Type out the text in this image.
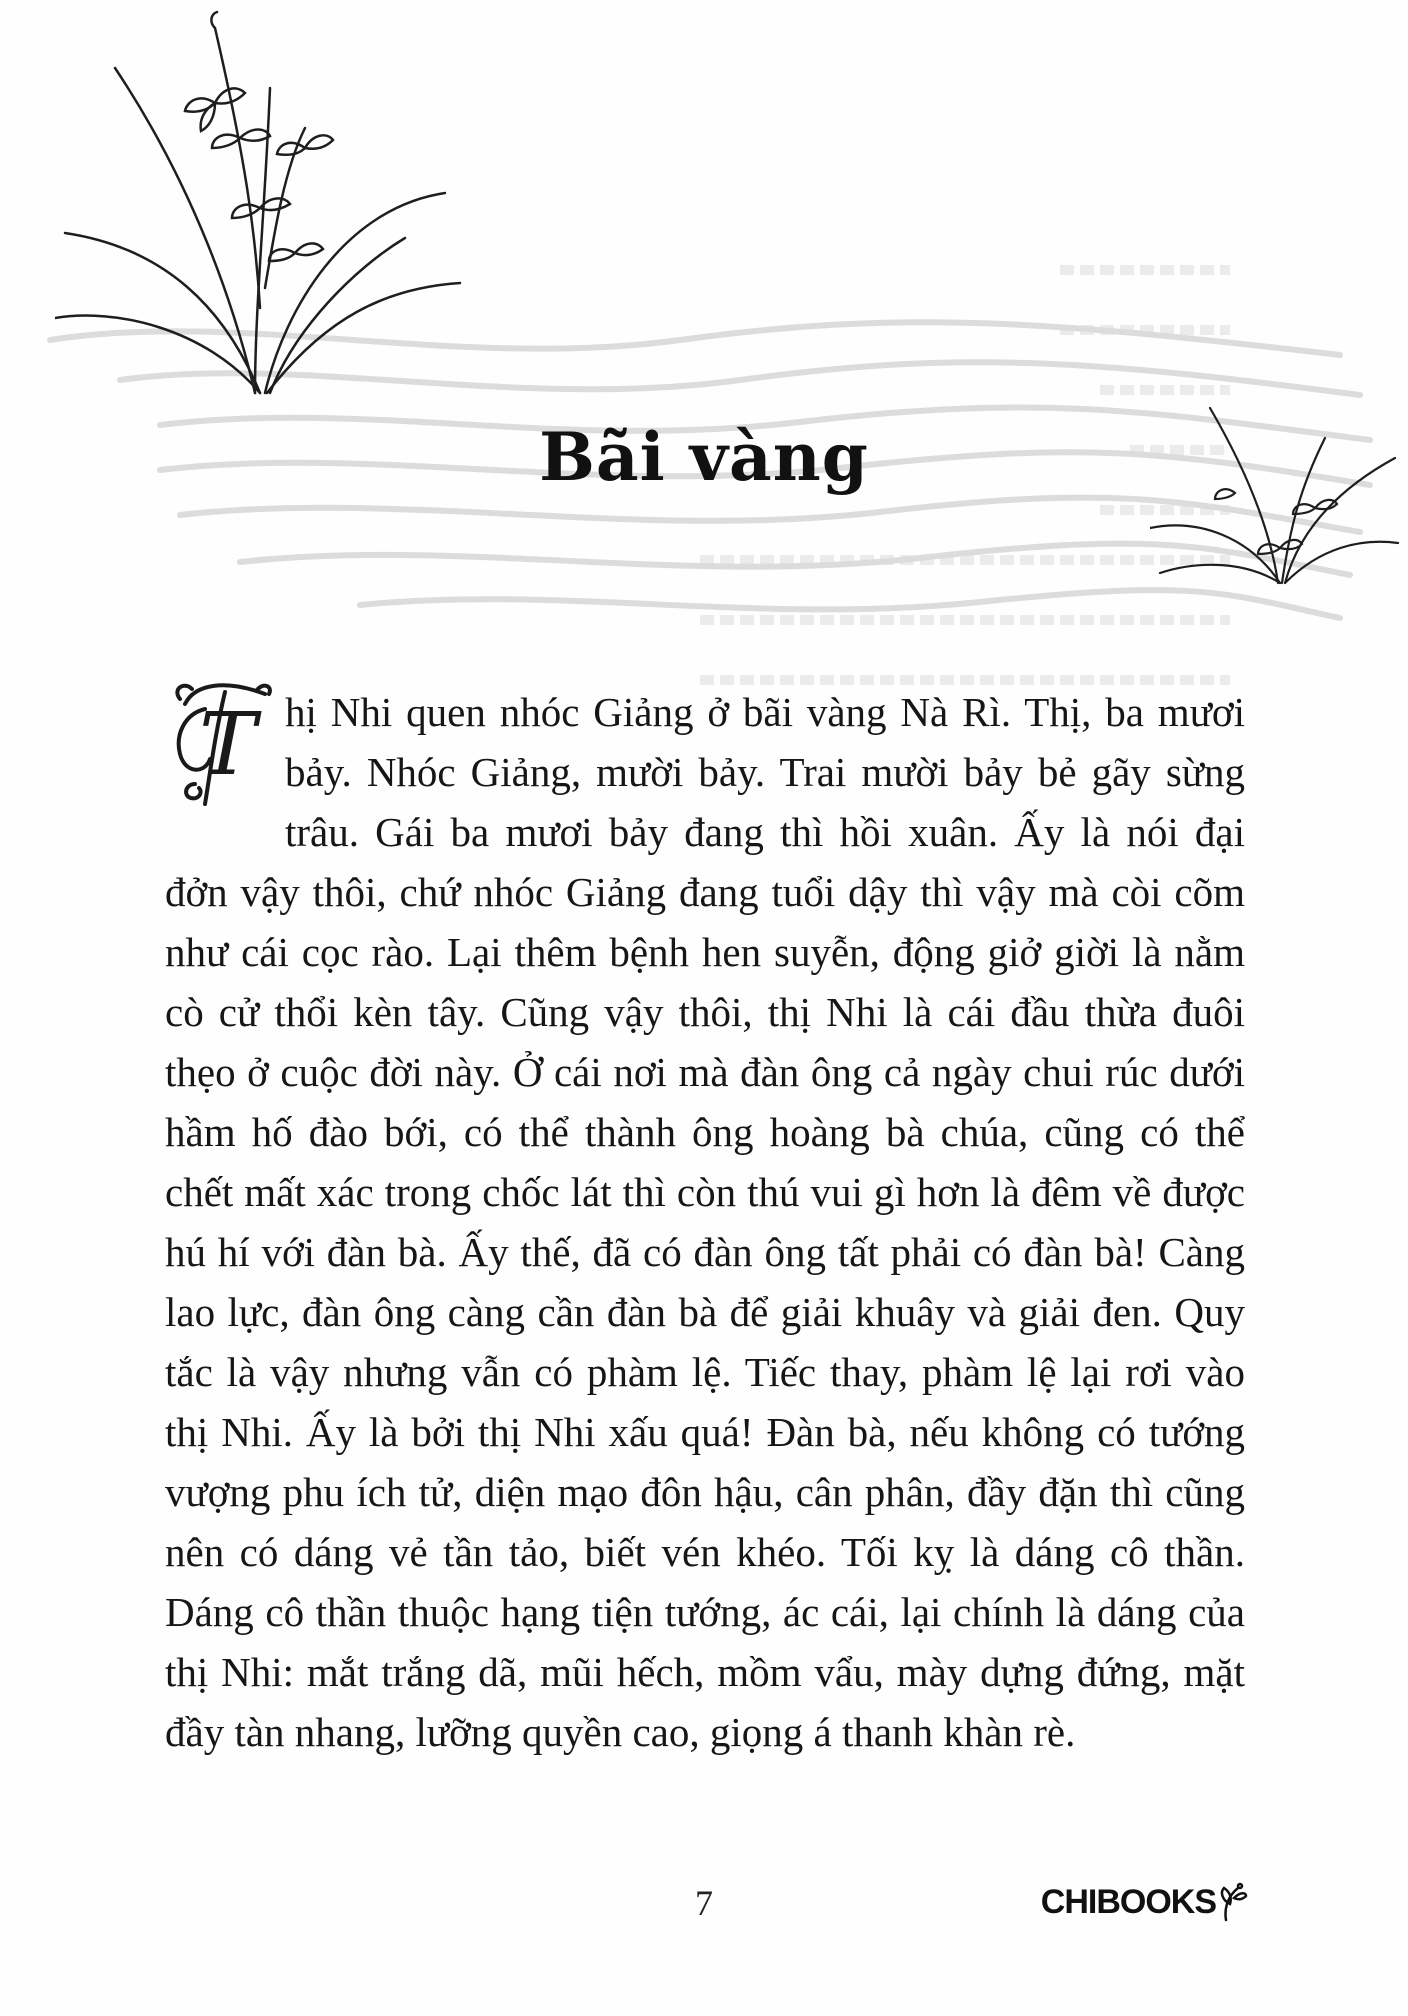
Bãi vàng

T hị Nhi quen nhóc Giảng ở bãi vàng Nà Rì. Thị, ba mươi bảy. Nhóc Giảng, mười bảy. Trai mười bảy bẻ gãy sừng trâu. Gái ba mươi bảy đang thì hồi xuân. Ấy là nói đại đởn vậy thôi, chứ nhóc Giảng đang tuổi dậy thì vậy mà còi cõm như cái cọc rào. Lại thêm bệnh hen suyễn, động giở giời là nằm cò cử thổi kèn tây. Cũng vậy thôi, thị Nhi là cái đầu thừa đuôi thẹo ở cuộc đời này. Ở cái nơi mà đàn ông cả ngày chui rúc dưới hầm hố đào bới, có thể thành ông hoàng bà chúa, cũng có thể chết mất xác trong chốc lát thì còn thú vui gì hơn là đêm về được hú hí với đàn bà. Ấy thế, đã có đàn ông tất phải có đàn bà! Càng lao lực, đàn ông càng cần đàn bà để giải khuây và giải đen. Quy tắc là vậy nhưng vẫn có phàm lệ. Tiếc thay, phàm lệ lại rơi vào thị Nhi. Ấy là bởi thị Nhi xấu quá! Đàn bà, nếu không có tướng vượng phu ích tử, diện mạo đôn hậu, cân phân, đầy đặn thì cũng nên có dáng vẻ tần tảo, biết vén khéo. Tối kỵ là dáng cô thần. Dáng cô thần thuộc hạng tiện tướng, ác cái, lại chính là dáng của thị Nhi: mắt trắng dã, mũi hếch, mồm vẩu, mày dựng đứng, mặt đầy tàn nhang, lưỡng quyền cao, giọng á thanh khàn rè.

7	CHIBOOKS
